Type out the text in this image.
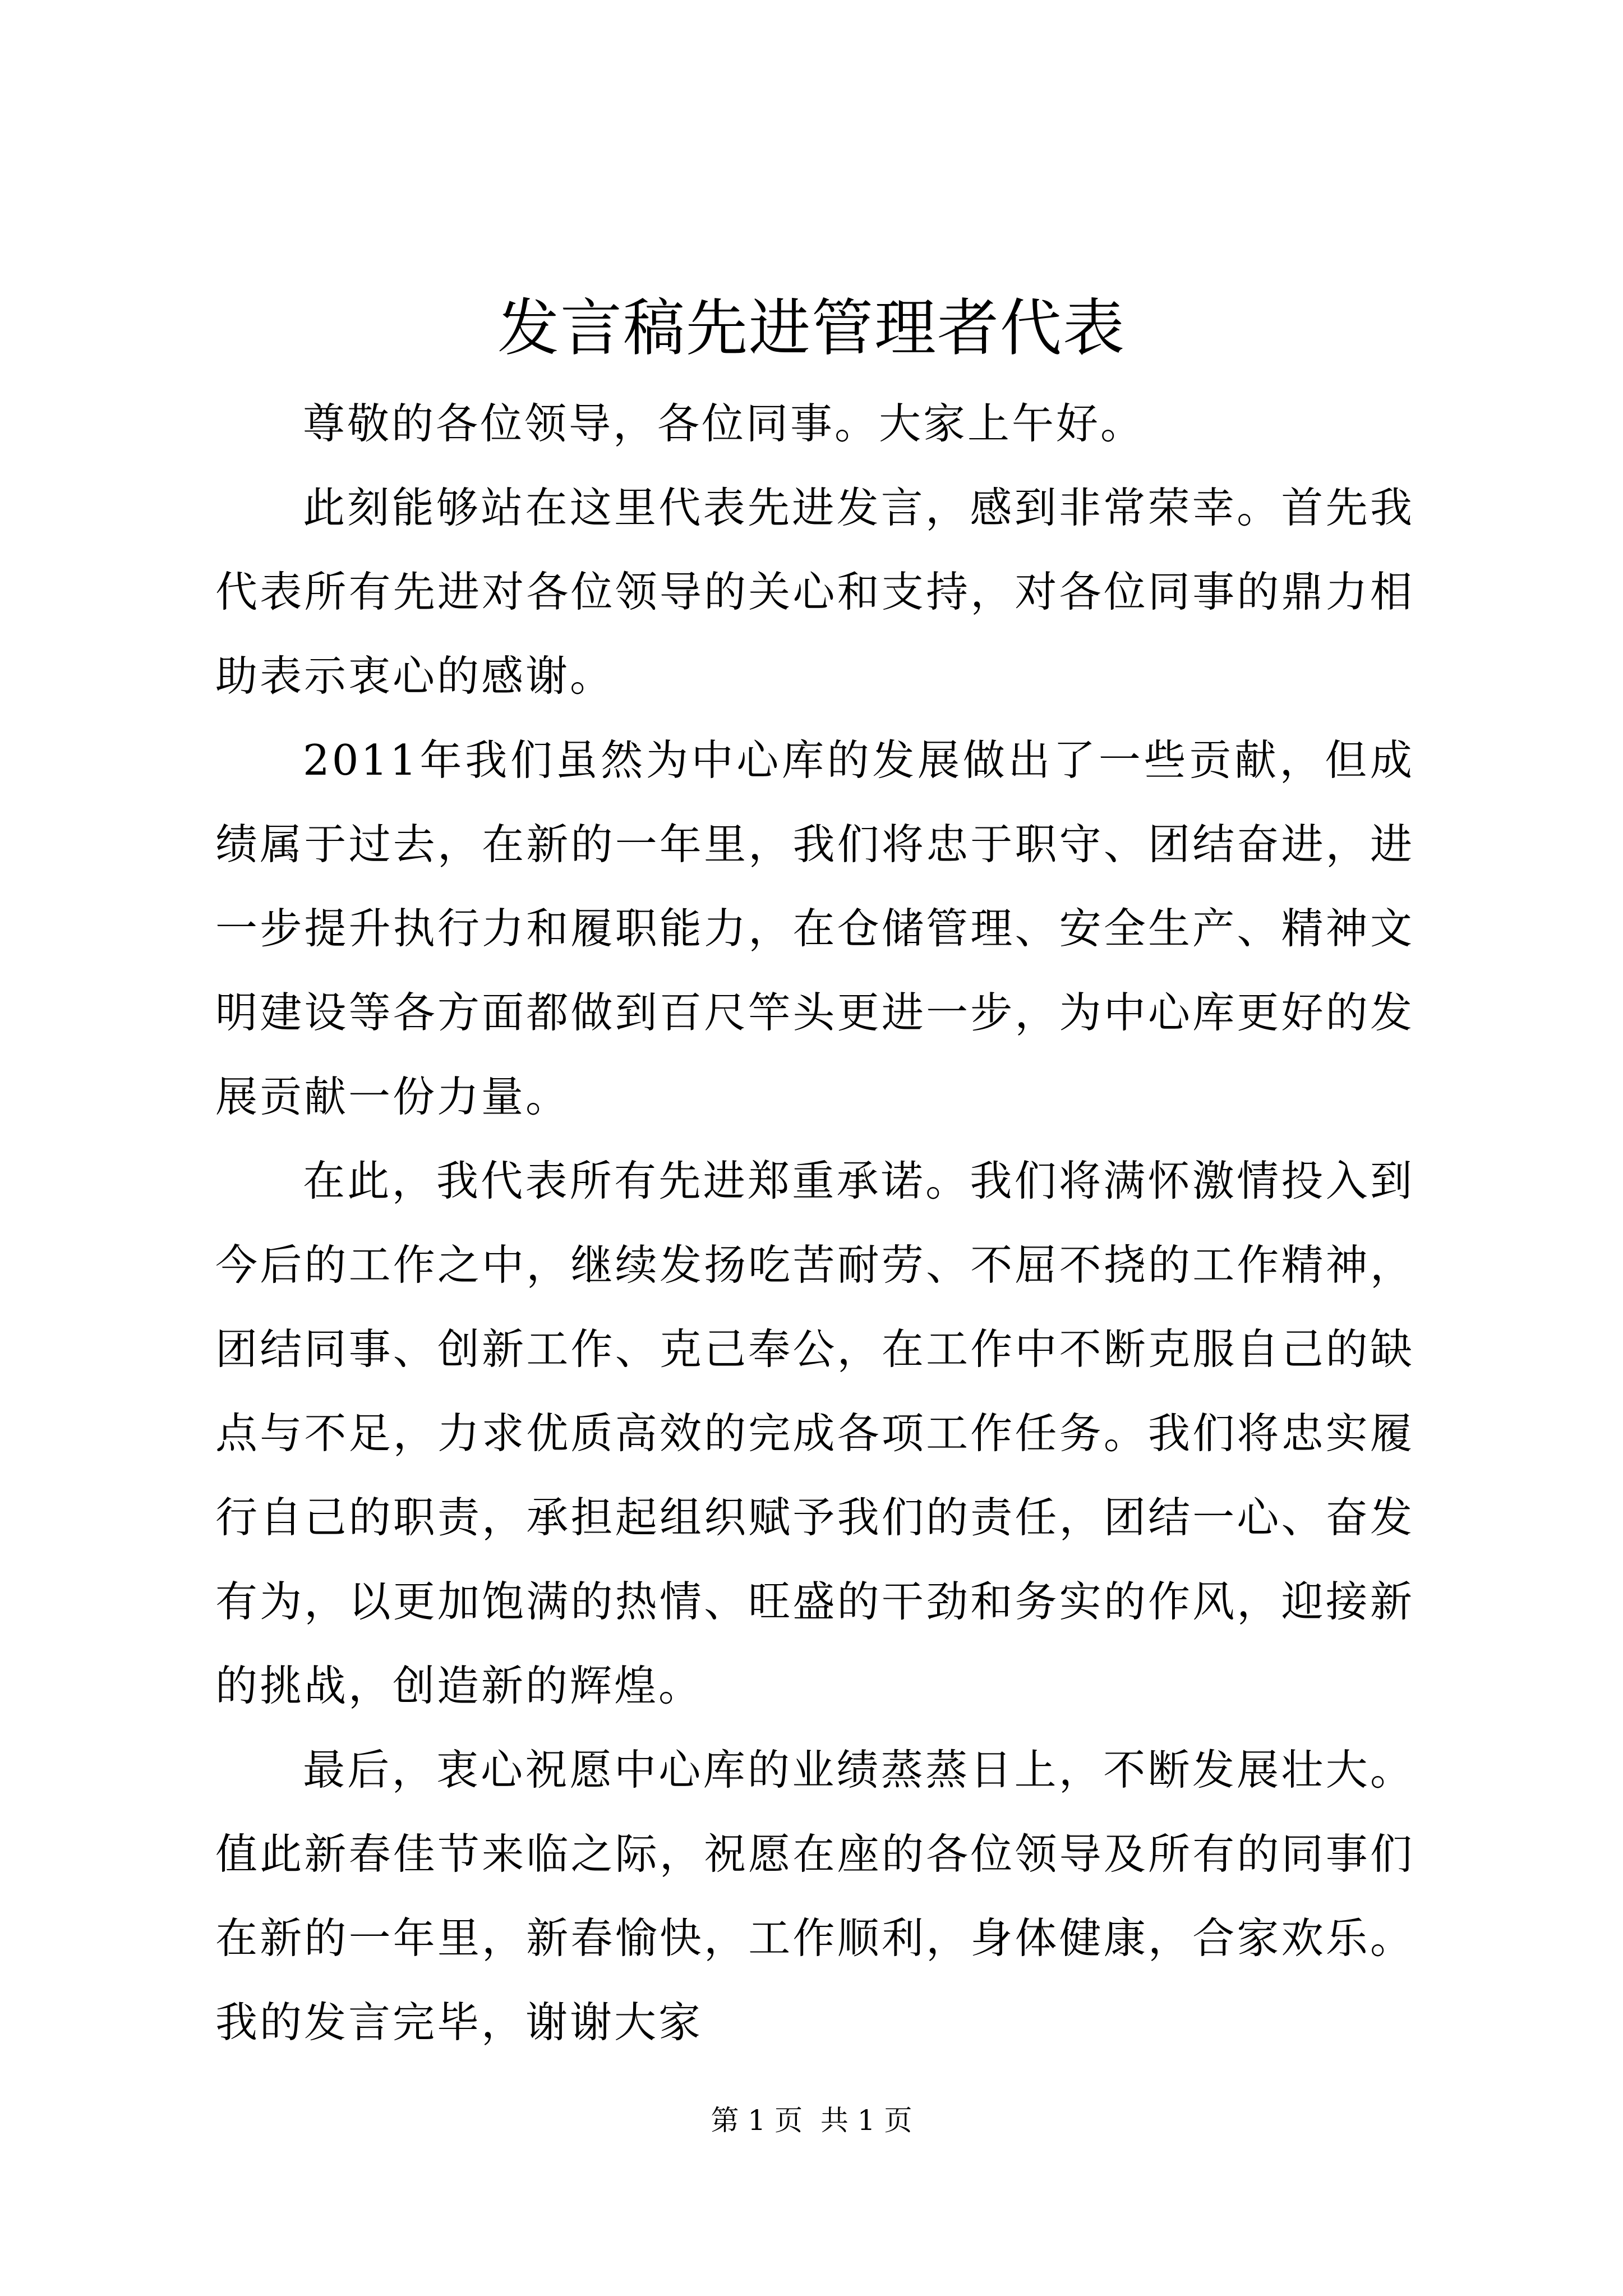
发言稿先进管理者代表

尊敬的各位领导，各位同事。大家上午好。

此刻能够站在这里代表先进发言，感到非常荣幸。首先我代表所有先进对各位领导的关心和支持，对各位同事的鼎力相助表示衷心的感谢。

2011年我们虽然为中心库的发展做出了一些贡献，但成绩属于过去，在新的一年里，我们将忠于职守、团结奋进，进一步提升执行力和履职能力，在仓储管理、安全生产、精神文明建设等各方面都做到百尺竿头更进一步，为中心库更好的发展贡献一份力量。

在此，我代表所有先进郑重承诺。我们将满怀激情投入到今后的工作之中，继续发扬吃苦耐劳、不屈不挠的工作精神，团结同事、创新工作、克己奉公，在工作中不断克服自己的缺点与不足，力求优质高效的完成各项工作任务。我们将忠实履行自己的职责，承担起组织赋予我们的责任，团结一心、奋发有为，以更加饱满的热情、旺盛的干劲和务实的作风，迎接新的挑战，创造新的辉煌。

最后，衷心祝愿中心库的业绩蒸蒸日上，不断发展壮大。值此新春佳节来临之际，祝愿在座的各位领导及所有的同事们在新的一年里，新春愉快，工作顺利，身体健康，合家欢乐。我的发言完毕，谢谢大家

第 1 页  共 1 页
